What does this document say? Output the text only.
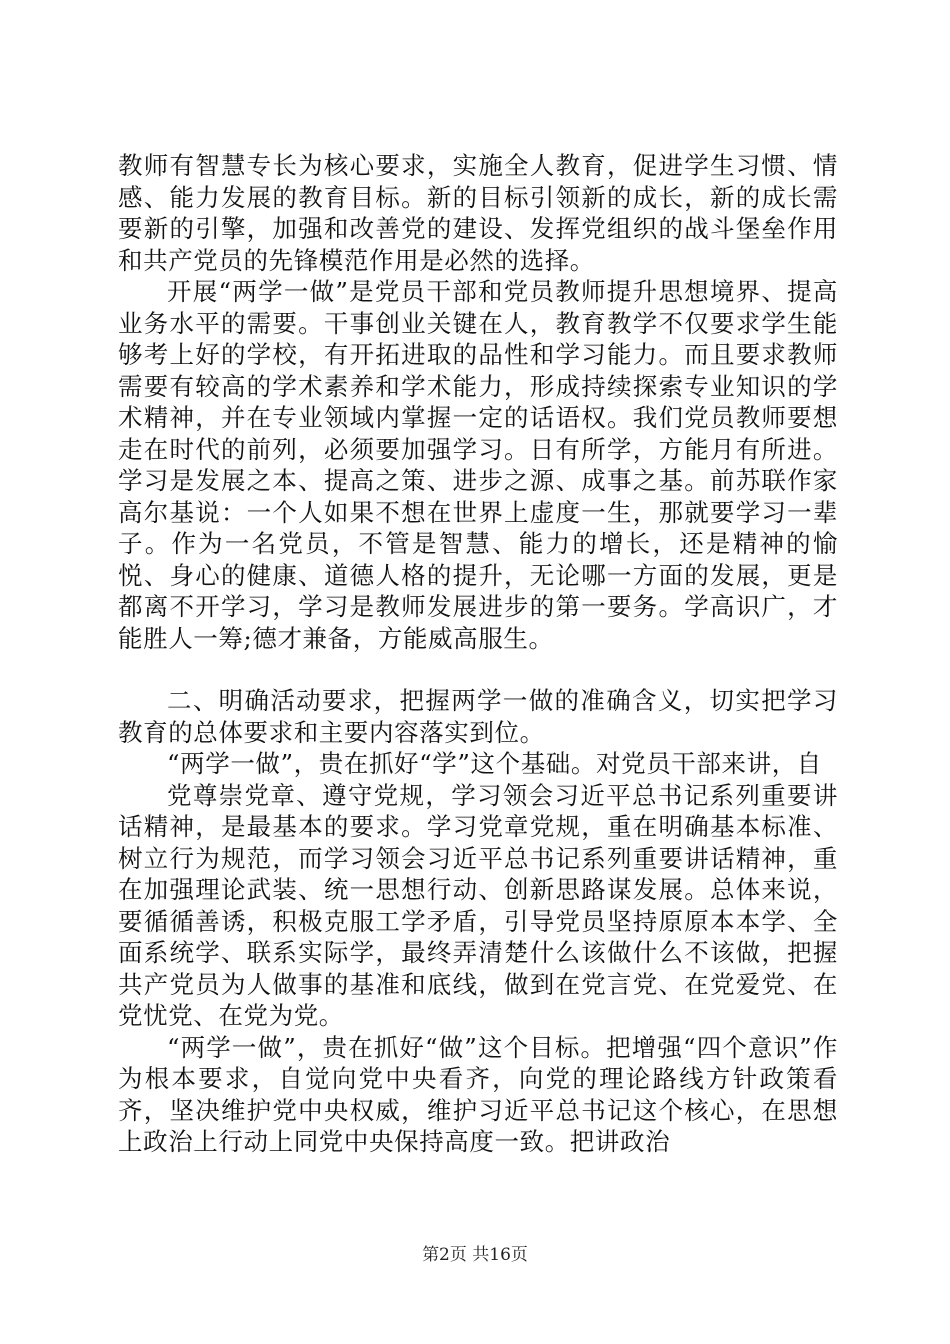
教师有智慧专长为核心要求，实施全人教育，促进学生习惯、情感、能力发展的教育目标。新的目标引领新的成长，新的成长需要新的引擎，加强和改善党的建设、发挥党组织的战斗堡垒作用和共产党员的先锋模范作用是必然的选择。

开展“两学一做”是党员干部和党员教师提升思想境界、提高业务水平的需要。干事创业关键在人，教育教学不仅要求学生能够考上好的学校，有开拓进取的品性和学习能力。而且要求教师需要有较高的学术素养和学术能力，形成持续探索专业知识的学术精神，并在专业领域内掌握一定的话语权。我们党员教师要想走在时代的前列，必须要加强学习。日有所学，方能月有所进。学习是发展之本、提高之策、进步之源、成事之基。前苏联作家高尔基说：一个人如果不想在世界上虚度一生，那就要学习一辈子。作为一名党员，不管是智慧、能力的增长，还是精神的愉悦、身心的健康、道德人格的提升，无论哪一方面的发展，更是都离不开学习，学习是教师发展进步的第一要务。学高识广，才能胜人一筹;德才兼备，方能威高服生。

二、明确活动要求，把握两学一做的准确含义，切实把学习教育的总体要求和主要内容落实到位。

“两学一做”，贵在抓好“学”这个基础。对党员干部来讲，自

党尊崇党章、遵守党规，学习领会习近平总书记系列重要讲话精神，是最基本的要求。学习党章党规，重在明确基本标准、树立行为规范，而学习领会习近平总书记系列重要讲话精神，重在加强理论武装、统一思想行动、创新思路谋发展。总体来说，要循循善诱，积极克服工学矛盾，引导党员坚持原原本本学、全面系统学、联系实际学，最终弄清楚什么该做什么不该做，把握共产党员为人做事的基准和底线，做到在党言党、在党爱党、在党忧党、在党为党。

“两学一做”，贵在抓好“做”这个目标。把增强“四个意识”作为根本要求，自觉向党中央看齐，向党的理论路线方针政策看齐，坚决维护党中央权威，维护习近平总书记这个核心，在思想上政治上行动上同党中央保持高度一致。把讲政治

第2页 共16页
